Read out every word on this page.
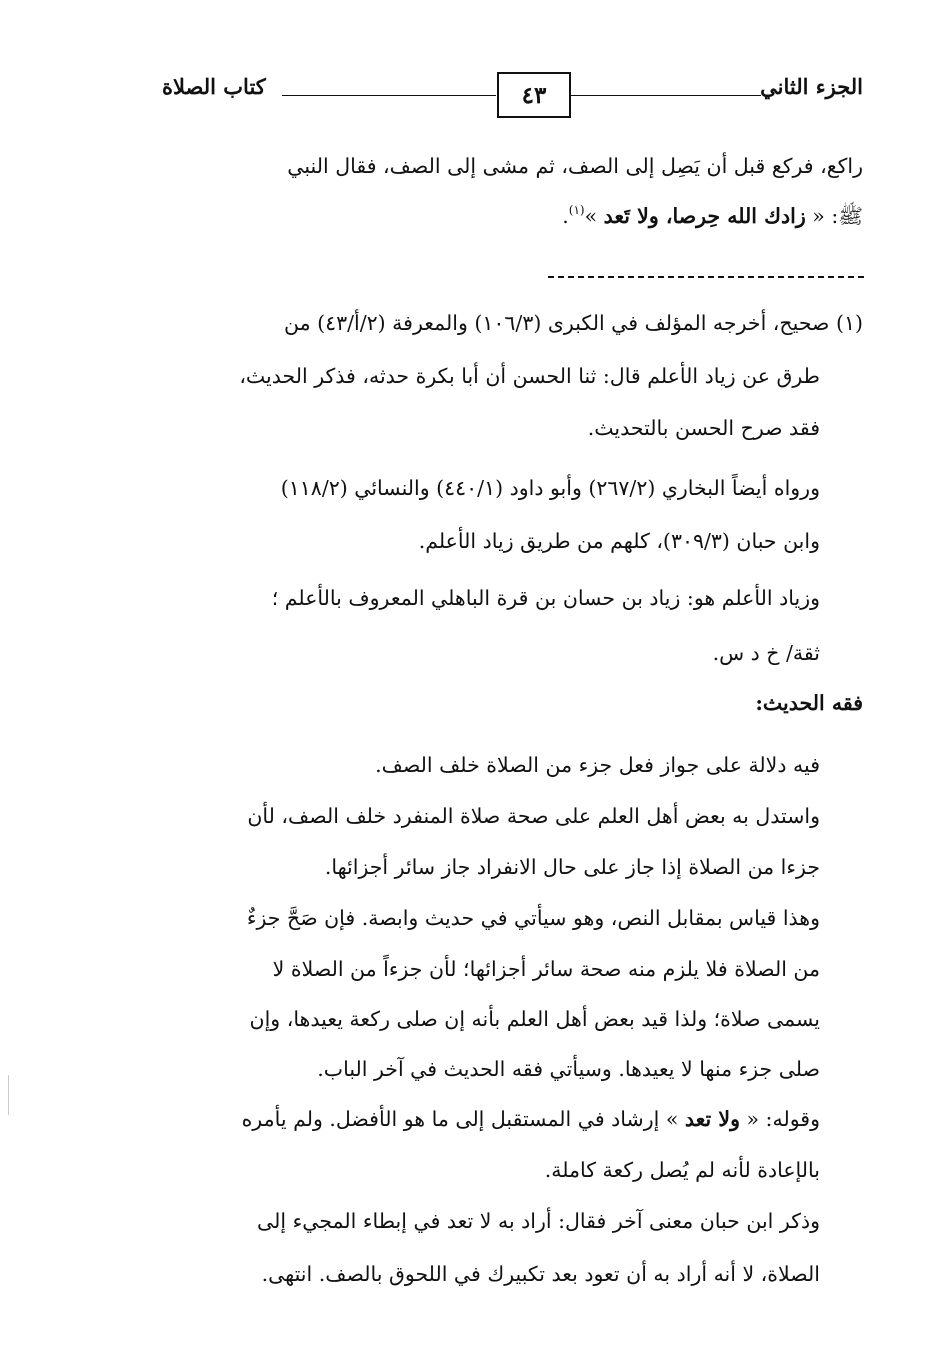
الجزء الثاني
٤٣
كتاب الصلاة
راكع، فركع قبل أن يَصِل إلى الصف، ثم مشى إلى الصف، فقال النبي
ﷺ: « زادك الله حِرصا، ولا تَعد »$^{(١)}$.
(١) صحيح، أخرجه المؤلف في الكبرى (١٠٦/٣) والمعرفة (٢/أ/٤٣) من
طرق عن زياد الأعلم قال: ثنا الحسن أن أبا بكرة حدثه، فذكر الحديث،
فقد صرح الحسن بالتحديث.
ورواه أيضاً البخاري (٢٦٧/٢) وأبو داود (٤٤٠/١) والنسائي (١١٨/٢)
وابن حبان (٣٠٩/٣)، كلهم من طريق زياد الأعلم.
وزياد الأعلم هو: زياد بن حسان بن قرة الباهلي المعروف بالأعلم ؛
ثقة/ خ د س.
فقه الحديث:
فيه دلالة على جواز فعل جزء من الصلاة خلف الصف.
واستدل به بعض أهل العلم على صحة صلاة المنفرد خلف الصف، لأن
جزءا من الصلاة إذا جاز على حال الانفراد جاز سائر أجزائها.
وهذا قياس بمقابل النص، وهو سيأتي في حديث وابصة. فإن صَحَّ جزءٌ
من الصلاة فلا يلزم منه صحة سائر أجزائها؛ لأن جزءاً من الصلاة لا
يسمى صلاة؛ ولذا قيد بعض أهل العلم بأنه إن صلى ركعة يعيدها، وإن
صلى جزء منها لا يعيدها. وسيأتي فقه الحديث في آخر الباب.
وقوله: « ولا تعد » إرشاد في المستقبل إلى ما هو الأفضل. ولم يأمره
بالإعادة لأنه لم يُصل ركعة كاملة.
وذكر ابن حبان معنى آخر فقال: أراد به لا تعد في إبطاء المجيء إلى
الصلاة، لا أنه أراد به أن تعود بعد تكبيرك في اللحوق بالصف. انتهى.
